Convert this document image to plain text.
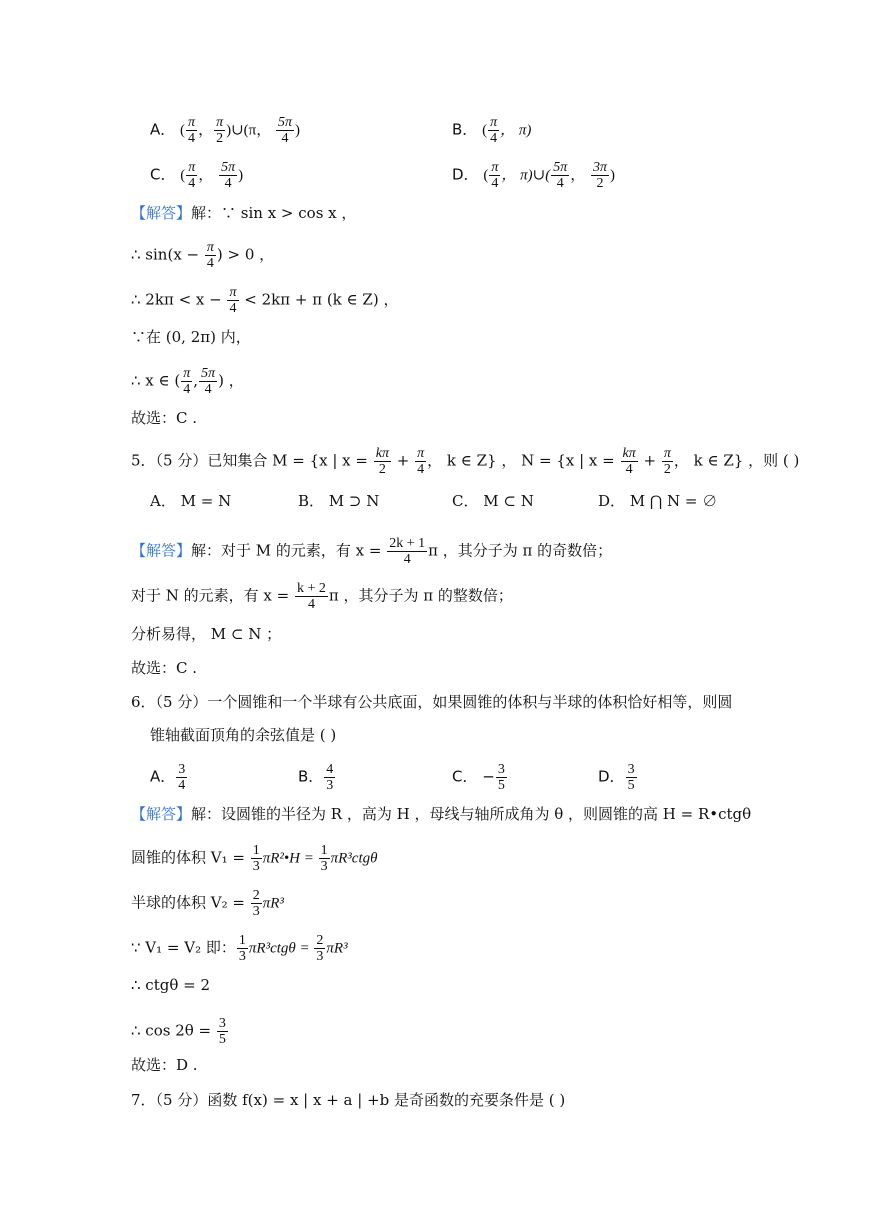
A． ( $\frac{\pi}{4}$ ， $\frac{\pi}{2}$ )∪(π， $\frac{5\pi}{4}$ )	B． ( $\frac{\pi}{4}$ ， π)
C． ( $\frac{\pi}{4}$ ， $\frac{5\pi}{4}$ )	D． ( $\frac{\pi}{4}$ ， π)∪( $\frac{5\pi}{4}$ ， $\frac{3\pi}{2}$ )
【解答】解：∵ sin x > cos x ，
∴ $\sin(x - \frac{\pi}{4}$ ) > 0 ，
∴ $2k\pi < x - \frac{\pi}{4} < 2k\pi + \pi$ (k ∈ Z) ，
∵在 (0, 2π) 内，
∴ x ∈ ( $\frac{\pi}{4}$ , $\frac{5\pi}{4}$ ) ，
故选：C .
5．（5 分）已知集合 M = {x | $x = \frac{k\pi}{2} + \frac{\pi}{4}$ ， k ∈ Z} ， N = {x | $x = \frac{k\pi}{4} + \frac{\pi}{2}$ ， k ∈ Z} ，则 ( )
A． M = N	B． M ⊃ N	C． M ⊂ N	D． M ⋂ N = ∅
【解答】解：对于 M 的元素，有 $x = \frac{2k + 1}{4}$ π ，其分子为 π 的奇数倍；
对于 N 的元素，有 $x = \frac{k + 2}{4}$ π ，其分子为 π 的整数倍；
分析易得， M ⊂ N ；
故选：C .
6．（5 分）一个圆锥和一个半球有公共底面，如果圆锥的体积与半球的体积恰好相等，则圆
锥轴截面顶角的余弦值是 ( )
A． $\frac{3}{4}$	B． $\frac{4}{3}$	C． − $\frac{3}{5}$	D． $\frac{3}{5}$
【解答】解：设圆锥的半径为 R ，高为 H ，母线与轴所成角为 θ ，则圆锥的高 H = R•ctgθ
圆锥的体积 $V_1 = \frac{1}{3}$ πR²•H = $\frac{1}{3} \pi R^3ctg\theta$
半球的体积 $V_2 = \frac{2}{3} \pi R^3$
∵ V₁ = V₂ 即： $\frac{1}{3} \pi R^3ctg\theta = \frac{2}{3} \pi R^3$
∴ ctgθ = 2
∴ $\cos 2\theta = \frac{3}{5}$
故选：D .
7．（5 分）函数 f(x) = x | x + a | +b 是奇函数的充要条件是 ( )
